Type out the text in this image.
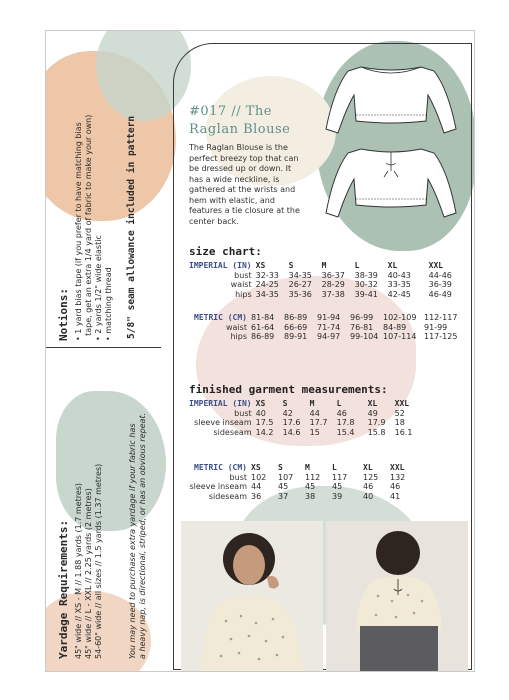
Notions: • 1 yard bias tape (if you prefer to have matching bias tape, get an extra 1/4 yard of fabric to make your own)
• 2 yards 1/2" wide elastic
• matching thread 5/8" seam allowance included in pattern
Yardage Requirements: 45" wide // XS - M // 1.88 yards (1.7 metres) 45" wide // L - XXL // 2.25 yards (2 metres) 54-60" wide // all sizes // 1.5 yards (1.37 metres)	You may need to purchase extra yardage if your fabric has a heavy nap, is directional, striped, or has an obvious repeat.
#017 // The
Raglan Blouse
The Raglan Blouse is the perfect breezy top that can be dressed up or down. It has a wide neckline, is gathered at the wrists and hem with elastic, and features a tie closure at the center back.
size chart:
IMPERIAL (IN)	XS	S	M	L	XL	XXL
bust	32-33	34-35	36-37	38-39	40-43	44-46
waist	24-25	26-27	28-29	30-32	33-35	36-39
hips	34-35	35-36	37-38	39-41	42-45	46-49
METRIC (CM)	81-84	86-89	91-94	96-99	102-109	112-117
waist	61-64	66-69	71-74	76-81	84-89	91-99
hips	86-89	89-91	94-97	99-104	107-114	117-125
finished garment measurements:
IMPERIAL (IN)	XS	S	M	L	XL	XXL
bust	40	42	44	46	49	52
sleeve inseam	17.5	17.6	17.7	17.8	17.9	18
sideseam	14.2	14.6	15	15.4	15.8	16.1
METRIC (CM)	XS	S	M	L	XL	XXL
bust	102	107	112	117	125	132
sleeve inseam	44	45	45	45	46	46
sideseam	36	37	38	39	40	41
